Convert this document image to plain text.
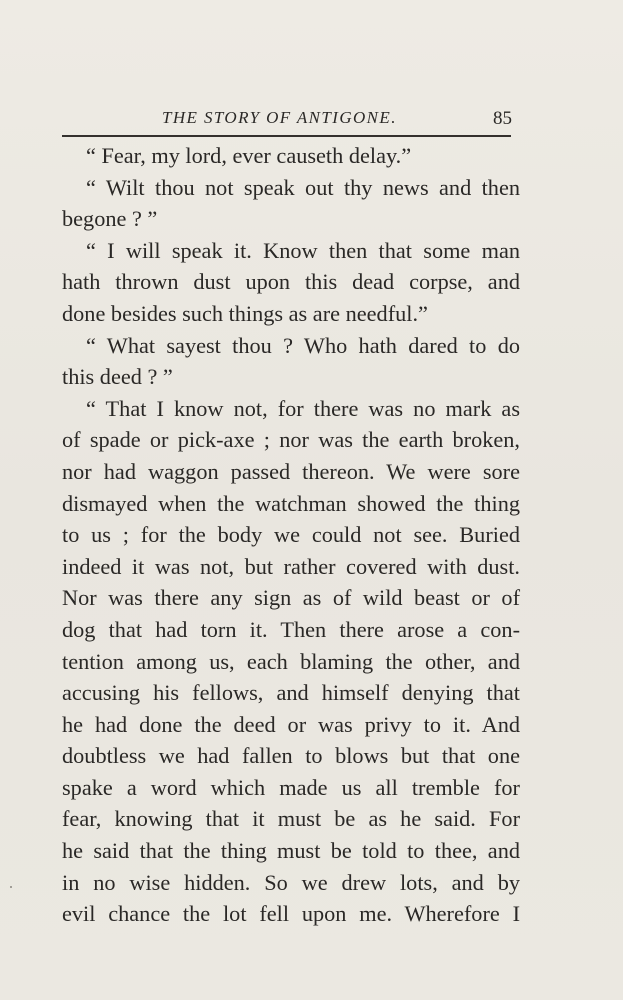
THE STORY OF ANTIGONE.	85
“ Fear, my lord, ever causeth delay.”
“ Wilt thou not speak out thy news and then
begone ? ”
“ I will speak it. Know then that some man
hath thrown dust upon this dead corpse, and
done besides such things as are needful.”
“ What sayest thou ? Who hath dared to do
this deed ? ”
“ That I know not, for there was no mark as
of spade or pick-axe ; nor was the earth broken,
nor had waggon passed thereon. We were sore
dismayed when the watchman showed the thing
to us ; for the body we could not see. Buried
indeed it was not, but rather covered with dust.
Nor was there any sign as of wild beast or of
dog that had torn it. Then there arose a con-
tention among us, each blaming the other, and
accusing his fellows, and himself denying that
he had done the deed or was privy to it. And
doubtless we had fallen to blows but that one
spake a word which made us all tremble for
fear, knowing that it must be as he said. For
he said that the thing must be told to thee, and
in no wise hidden. So we drew lots, and by
evil chance the lot fell upon me. Wherefore I
